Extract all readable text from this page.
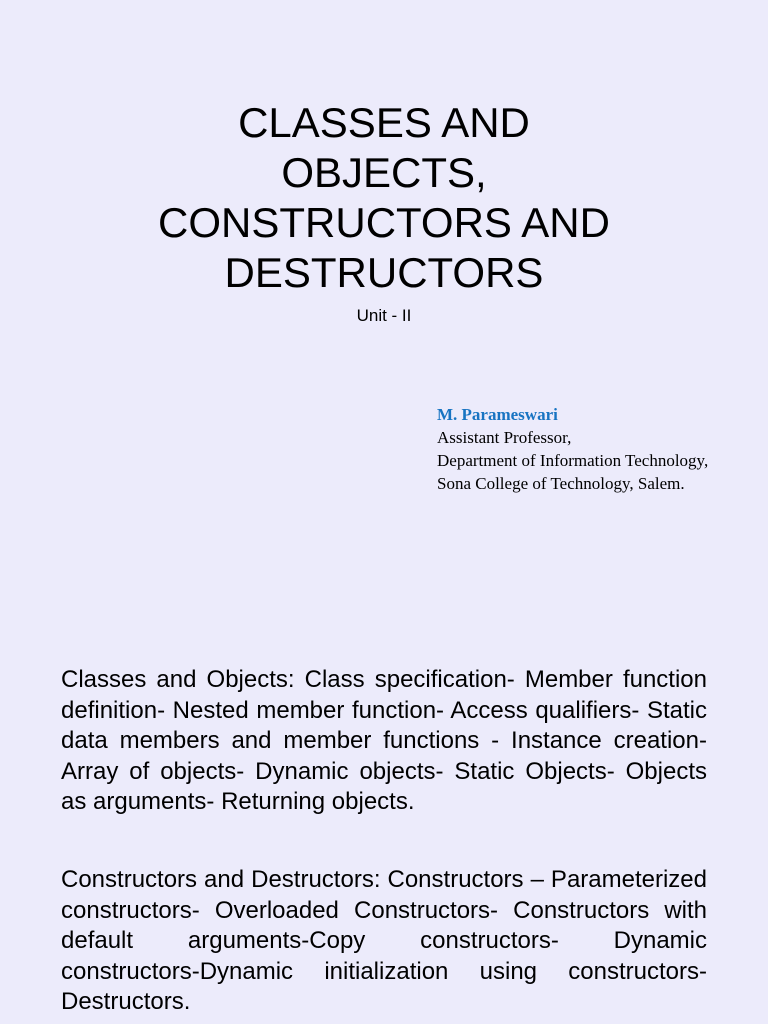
CLASSES AND
OBJECTS,
CONSTRUCTORS AND
DESTRUCTORS
Unit - II
M. Parameswari
Assistant Professor,
Department of Information Technology,
Sona College of Technology, Salem.

Classes and Objects: Class specification- Member function definition- Nested member function- Access qualifiers- Static data members and member functions - Instance creation- Array of objects- Dynamic objects- Static Objects- Objects as arguments- Returning objects.

Constructors and Destructors: Constructors – Parameterized constructors- Overloaded Constructors- Constructors with default arguments-Copy constructors- Dynamic constructors-Dynamic initialization using constructors- Destructors.
